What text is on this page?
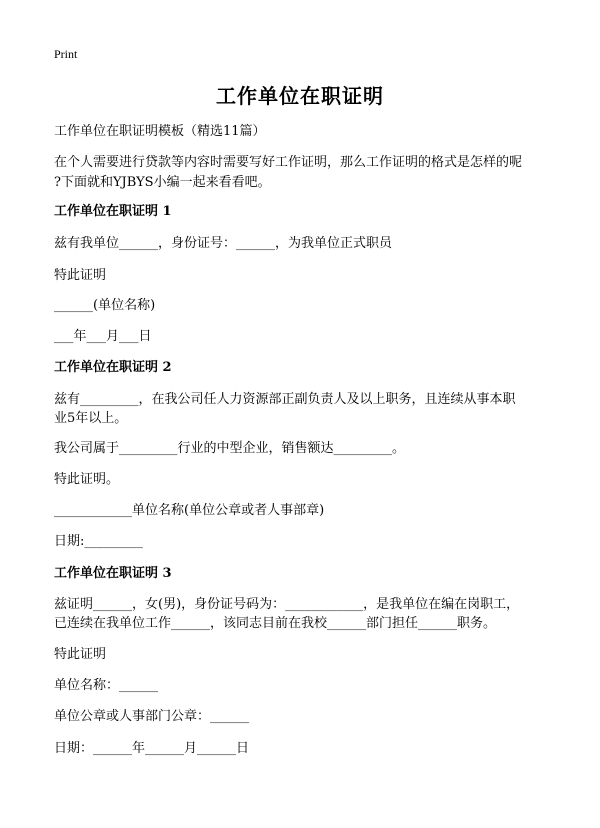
Print
工作单位在职证明
工作单位在职证明模板（精选11篇）
在个人需要进行贷款等内容时需要写好工作证明，那么工作证明的格式是怎样的呢
?下面就和YJBYS小编一起来看看吧。
工作单位在职证明 1
兹有我单位______，身份证号：______，为我单位正式职员
特此证明
______(单位名称)
___年___月___日
工作单位在职证明 2
兹有_________，在我公司任人力资源部正副负责人及以上职务，且连续从事本职
业5年以上。
我公司属于_________行业的中型企业，销售额达_________。
特此证明。
____________单位名称(单位公章或者人事部章)
日期:_________
工作单位在职证明 3
兹证明______，女(男)，身份证号码为：____________，是我单位在编在岗职工，
已连续在我单位工作______，该同志目前在我校______部门担任______职务。
特此证明
单位名称：______
单位公章或人事部门公章：______
日期：______年______月______日
